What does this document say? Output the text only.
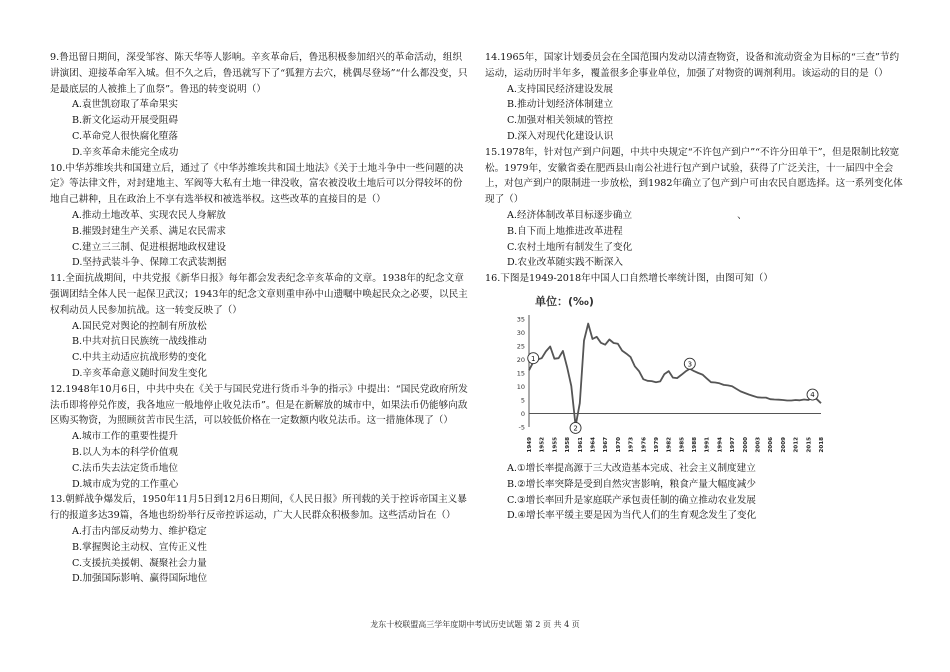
9.鲁迅留日期间，深受邹容、陈天华等人影响。辛亥革命后，鲁迅积极参加绍兴的革命活动，组织讲演团、迎接革命军入城。但不久之后，鲁迅就写下了“狐狸方去穴，桃偶尽登场”“什么都没变，只是最底层的人被推上了血祭”。鲁迅的转变说明（）
A.袁世凯窃取了革命果实
B.新文化运动开展受阻碍
C.革命党人很快腐化堕落
D.辛亥革命未能完全成功
10.中华苏维埃共和国建立后，通过了《中华苏维埃共和国土地法》《关于土地斗争中一些问题的决定》等法律文件，对封建地主、军阀等大私有土地一律没收，富农被没收土地后可以分得较坏的份地自己耕种，且在政治上不享有选举权和被选举权。这些改革的直接目的是（）
A.推动土地改革、实现农民人身解放
B.摧毁封建生产关系、满足农民需求
C.建立三三制、促进根据地政权建设
D.坚持武装斗争、保障工农武装割据
11.全面抗战期间，中共党报《新华日报》每年都会发表纪念辛亥革命的文章。1938年的纪念文章强调团结全体人民一起保卫武汉；1943年的纪念文章则重申孙中山遗嘱中唤起民众之必要，以民主权利动员人民参加抗战。这一转变反映了（）
A.国民党对舆论的控制有所放松
B.中共对抗日民族统一战线推动
C.中共主动适应抗战形势的变化
D.辛亥革命意义随时间发生变化
12.1948年10月6日，中共中央在《关于与国民党进行货币斗争的指示》中提出：“国民党政府所发法币即将停兑作废，我各地应一般地停止收兑法币”。但是在新解放的城市中，如果法币仍能够向敌区购买物资，为照顾贫苦市民生活，可以较低价格在一定数额内收兑法币。这一措施体现了（）
A.城市工作的重要性提升
B.以人为本的科学价值观
C.法币失去法定货币地位
D.城市成为党的工作重心
13.朝鲜战争爆发后，1950年11月5日到12月6日期间，《人民日报》所刊载的关于控诉帝国主义暴行的报道多达39篇，各地也纷纷举行反帝控诉运动，广大人民群众积极参加。这些活动旨在（）
A.打击内部反动势力、维护稳定
B.掌握舆论主动权、宣传正义性
C.支援抗美援朝、凝聚社会力量
D.加强国际影响、赢得国际地位
14.1965年，国家计划委员会在全国范围内发动以清查物资，设备和流动资金为目标的“三查”节约运动，运动历时半年多，覆盖很多企事业单位，加强了对物资的调剂利用。该运动的目的是（）
A.支持国民经济建设发展
B.推动计划经济体制建立
C.加强对相关领域的管控
D.深入对现代化建设认识
15.1978年，针对包产到户问题，中共中央规定“不许包产到户”“不许分田单干”，但是限制比较宽松。1979年，安徽省委在肥西县山南公社进行包产到户试验，获得了广泛关注，十一届四中全会上，对包产到户的限制进一步放松，到1982年确立了包产到户可由农民自愿选择。这一系列变化体现了（）
A.经济体制改革目标逐步确立	、
B.自下而上地推进改革进程
C.农村土地所有制发生了变化
D.农业改革随实践不断深入
16.下图是1949-2018年中国人口自然增长率统计图，由图可知（）
单位：(‰)
35
30
25
20
15
10
5
0
-5
1949 1952 1955 1958 1961 1964 1967 1970 1973 1976 1979 1982 1985 1988 1991 1994 1997 2000 2003 2006 2009 2012 2015 2018
1
2
3
4
A.①增长率提高源于三大改造基本完成、社会主义制度建立
B.②增长率突降是受到自然灾害影响，粮食产量大幅度减少
C.③增长率回升是家庭联产承包责任制的确立推动农业发展
D.④增长率平缓主要是因为当代人们的生育观念发生了变化
龙东十校联盟高三学年度期中考试历史试题 第 2 页 共 4 页
